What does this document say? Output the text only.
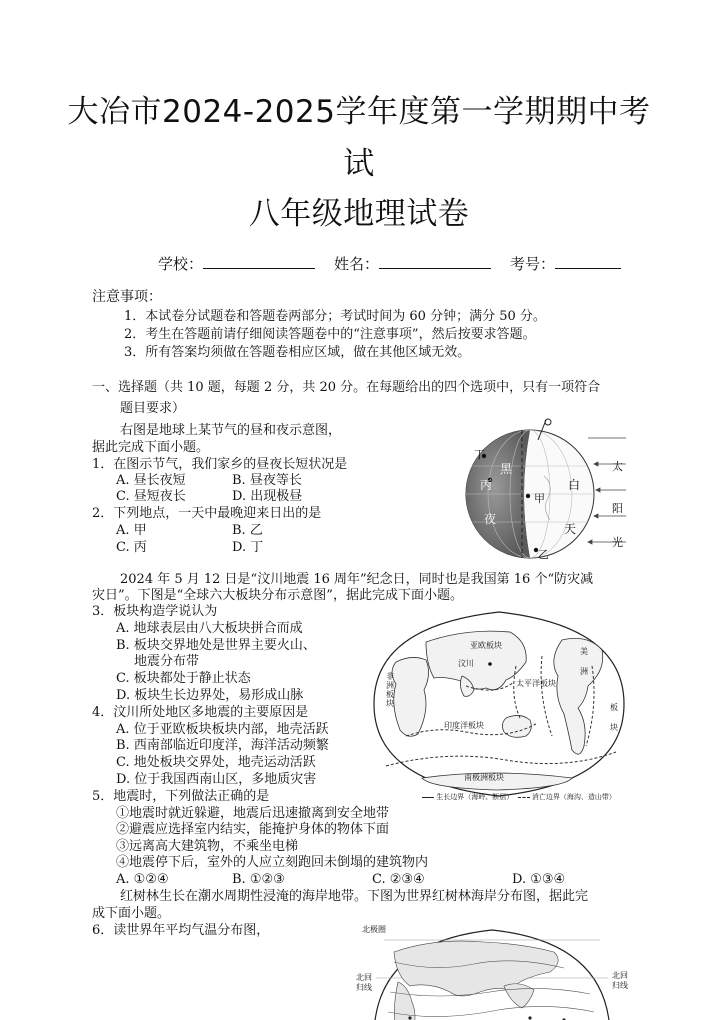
大冶市2024-2025学年度第一学期期中考
试
八年级地理试卷
学校：	姓名：	考号：
注意事项：
1．本试卷分试题卷和答题卷两部分；考试时间为 60 分钟；满分 50 分。
2．考生在答题前请仔细阅读答题卷中的“注意事项”，然后按要求答题。
3．所有答案均须做在答题卷相应区域，做在其他区域无效。
一、选择题（共 10 题，每题 2 分，共 20 分。在每题给出的四个选项中，只有一项符合
题目要求）
右图是地球上某节气的昼和夜示意图，
据此完成下面小题。
1．在图示节气，我们家乡的昼夜长短状况是
A. 昼长夜短	B. 昼夜等长
C. 昼短夜长	D. 出现极昼
2．下列地点，一天中最晚迎来日出的是
A. 甲	B. 乙
C. 丙	D. 丁
丁
黑
丙
夜
甲
乙
白
天
太
阳
光
2024 年 5 月 12 日是“汶川地震 16 周年”纪念日，同时也是我国第 16 个“防灾减
灾日”。下图是“全球六大板块分布示意图”，据此完成下面小题。
3．板块构造学说认为
A. 地球表层由八大板块拼合而成
B. 板块交界地处是世界主要火山、
地震分布带
C. 板块都处于静止状态
D. 板块生长边界处，易形成山脉
4．汶川所处地区多地震的主要原因是
A. 位于亚欧板块板块内部，地壳活跃
B. 西南部临近印度洋，海洋活动频繁
C. 地处板块交界处，地壳运动活跃
D. 位于我国西南山区，多地质灾害
亚欧板块
汶川
非洲板块
太平洋板块
印度洋板块
南极洲板块
美
洲
板
块
生长边界（海岭、断层）	消亡边界（海沟、造山带）
5．地震时，下列做法正确的是
①地震时就近躲避，地震后迅速撤离到安全地带
②避震应选择室内结实，能掩护身体的物体下面
③远离高大建筑物，不乘坐电梯
④地震停下后，室外的人应立刻跑回未倒塌的建筑物内
A. ①②④	B. ①②③	C. ②③④	D. ①③④
红树林生长在潮水周期性浸淹的海岸地带。下图为世界红树林海岸分布图，据此完
成下面小题。
6．读世界年平均气温分布图，	北极圈
北回
归线
北回
归线
